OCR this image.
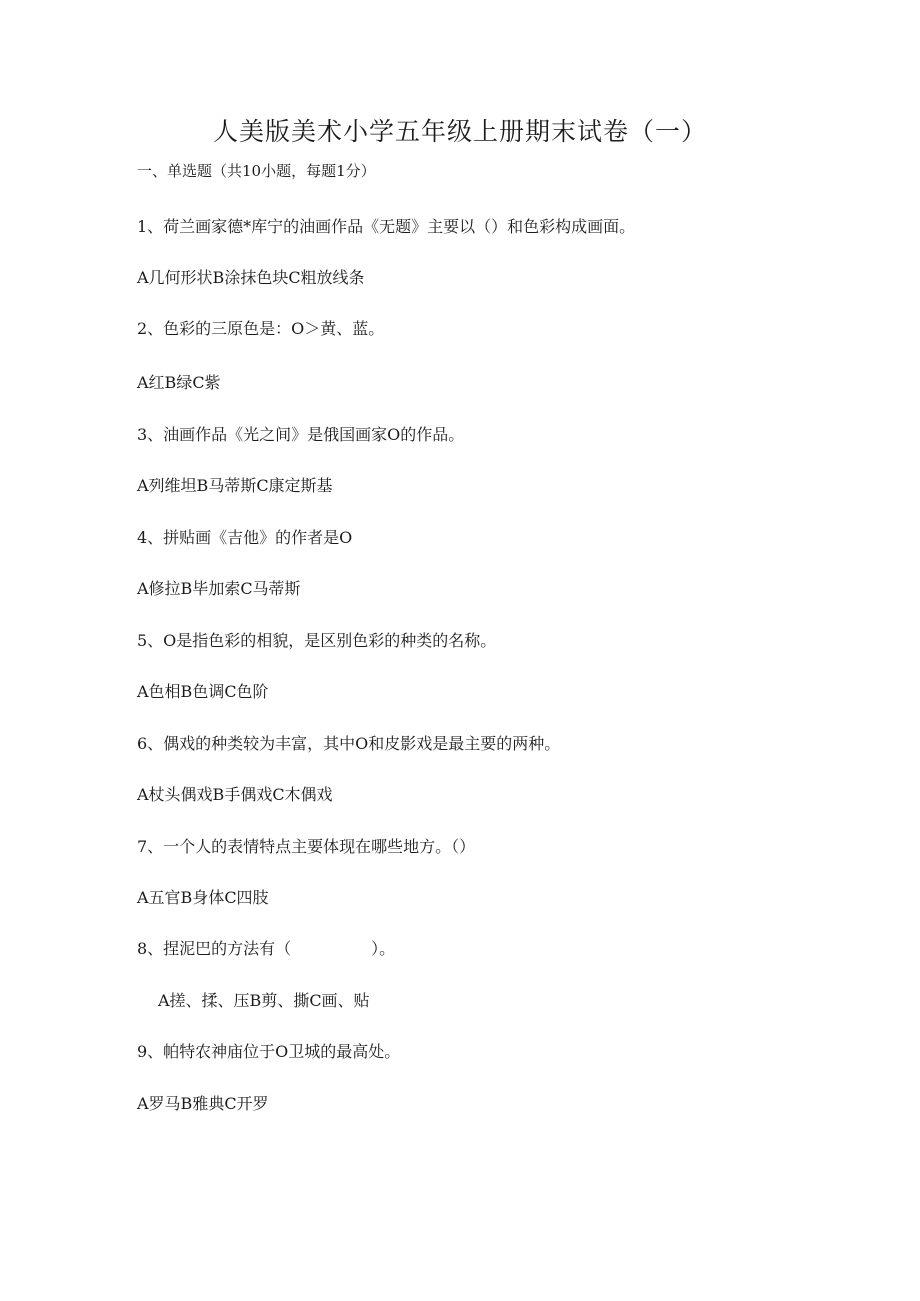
人美版美术小学五年级上册期末试卷（一）
一、单选题（共10小题，每题1分）
1、荷兰画家德*库宁的油画作品《无题》主要以（）和色彩构成画面。
A几何形状B涂抹色块C粗放线条
2、色彩的三原色是：O＞黄、蓝。
A红B绿C紫
3、油画作品《光之间》是俄国画家O的作品。
A列维坦B马蒂斯C康定斯基
4、拼贴画《吉他》的作者是O
A修拉B毕加索C马蒂斯
5、O是指色彩的相貌，是区别色彩的种类的名称。
A色相B色调C色阶
6、偶戏的种类较为丰富，其中O和皮影戏是最主要的两种。
A杖头偶戏B手偶戏C木偶戏
7、一个人的表情特点主要体现在哪些地方。（）
A五官B身体C四肢
8、捏泥巴的方法有（　　　　　）。
A搓、揉、压B剪、撕C画、贴
9、帕特农神庙位于O卫城的最高处。
A罗马B雅典C开罗
